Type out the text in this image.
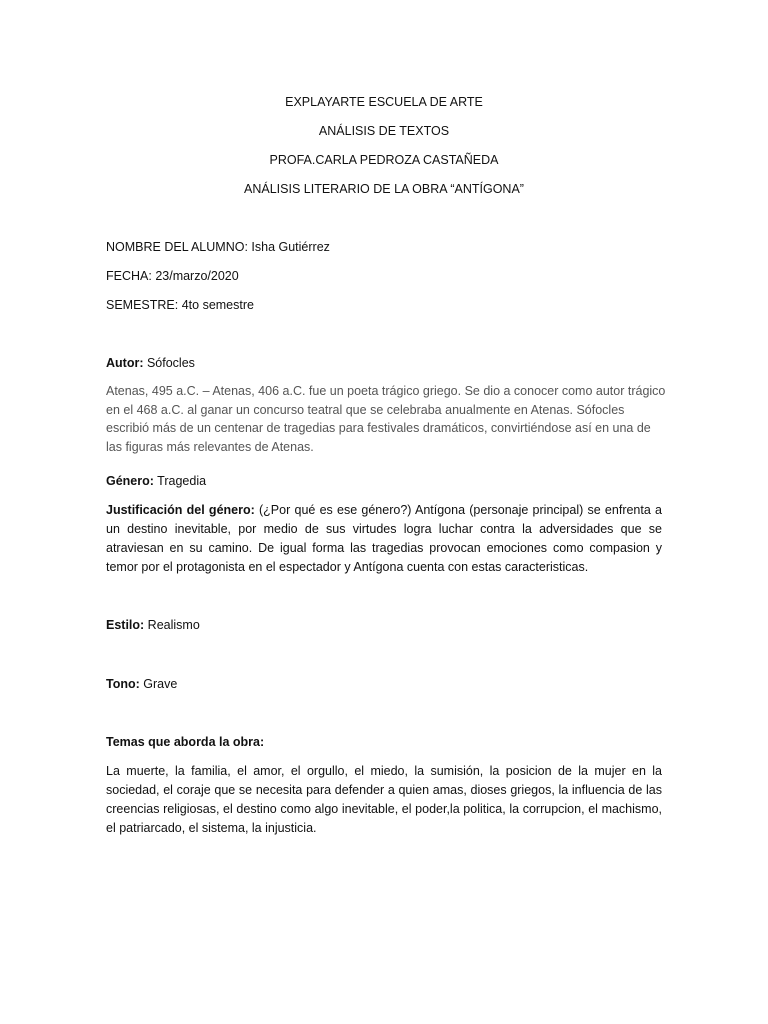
EXPLAYARTE ESCUELA DE ARTE
ANÁLISIS DE TEXTOS
PROFA.CARLA PEDROZA CASTAÑEDA
ANÁLISIS LITERARIO DE LA OBRA “ANTÍGONA”
NOMBRE DEL ALUMNO: Isha Gutiérrez
FECHA: 23/marzo/2020
SEMESTRE: 4to semestre
Autor: Sófocles
Atenas, 495 a.C. – Atenas, 406 a.C. fue un poeta trágico griego. Se dio a conocer como autor trágico en el 468 a.C. al ganar un concurso teatral que se celebraba anualmente en Atenas. Sófocles escribió más de un centenar de tragedias para festivales dramáticos, convirtiéndose así en una de las figuras más relevantes de Atenas.
Género: Tragedia
Justificación del género: (¿Por qué es ese género?) Antígona (personaje principal) se enfrenta a un destino inevitable, por medio de sus virtudes logra luchar contra la adversidades que se atraviesan en su camino. De igual forma las tragedias provocan emociones como compasion y temor por el protagonista en el espectador y Antígona cuenta con estas caracteristicas.
Estilo: Realismo
Tono: Grave
Temas que aborda la obra:
La muerte, la familia, el amor, el orgullo, el miedo, la sumisión, la posicion de la mujer en la sociedad, el coraje que se necesita para defender a quien amas, dioses griegos, la influencia de las creencias religiosas, el destino como algo inevitable, el poder,la politica, la corrupcion, el machismo, el patriarcado, el sistema, la injusticia.
